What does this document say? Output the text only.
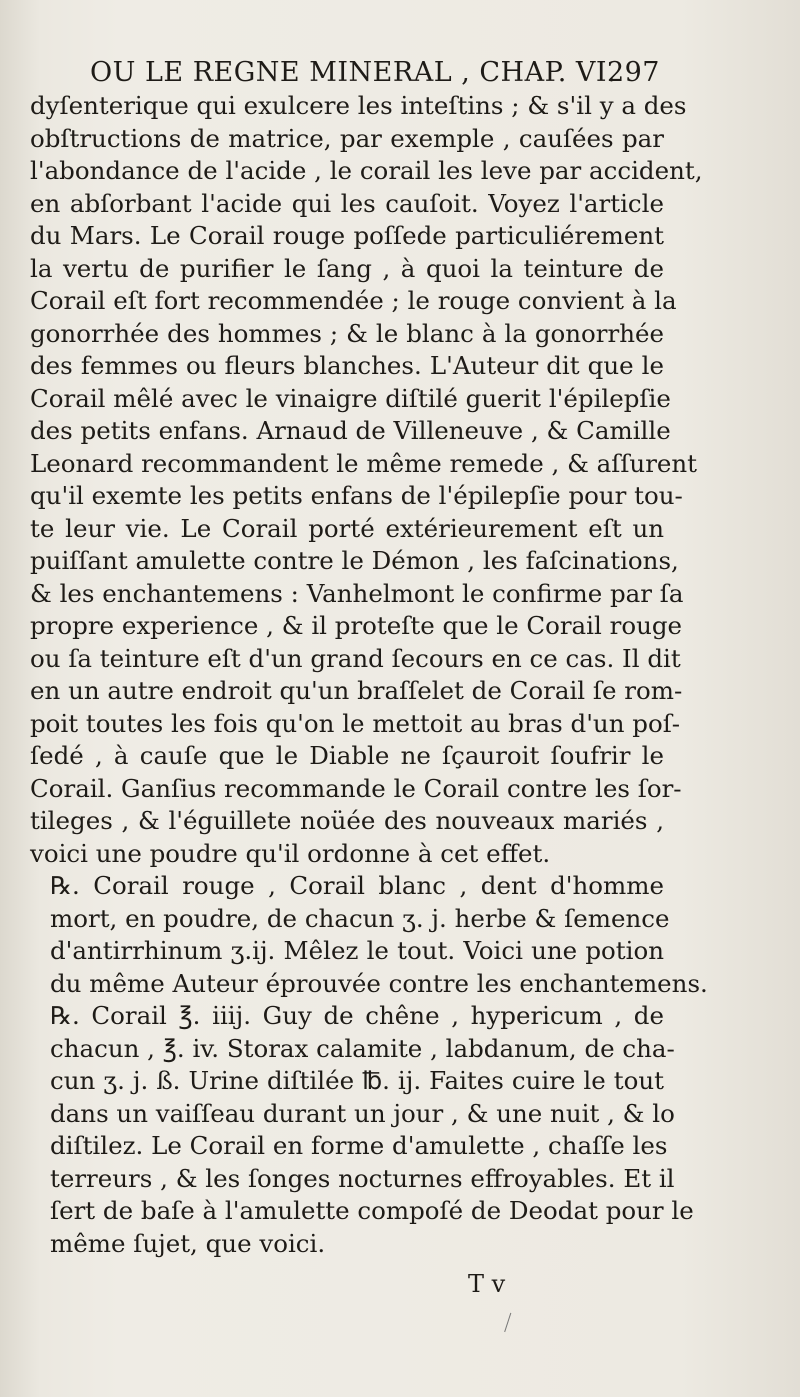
OU LE REGNE MINERAL , CHAP. VI.
297
dyſenterique qui exulcere les inteſtins ; & s'il y a des
obſtructions de matrice, par exemple , cauſées par
l'abondance de l'acide , le corail les leve par accident,
en abſorbant l'acide qui les cauſoit. Voyez l'article
du Mars. Le Corail rouge poſſede particuliérement
la vertu de purifier le ſang , à quoi la teinture de
Corail eſt fort recommendée ; le rouge convient à la
gonorrhée des hommes ; & le blanc à la gonorrhée
des femmes ou fleurs blanches. L'Auteur dit que le
Corail mêlé avec le vinaigre diſtilé guerit l'épilepſie
des petits enfans. Arnaud de Villeneuve , & Camille
Leonard recommandent le même remede , & aſſurent
qu'il exemte les petits enfans de l'épilepſie pour tou-
te leur vie. Le Corail porté extérieurement eſt un
puiſſant amulette contre le Démon , les faſcinations,
& les enchantemens : Vanhelmont le confirme par ſa
propre experience , & il proteſte que le Corail rouge
ou ſa teinture eſt d'un grand ſecours en ce cas. Il dit
en un autre endroit qu'un braſſelet de Corail ſe rom-
poit toutes les fois qu'on le mettoit au bras d'un poſ-
ſedé , à cauſe que le Diable ne ſçauroit ſoufrir le
Corail. Ganſius recommande le Corail contre les ſor-
tileges , & l'éguillete noüée des nouveaux mariés ,
voici une poudre qu'il ordonne à cet effet.
℞. Corail rouge , Corail blanc , dent d'homme
mort, en poudre, de chacun ʒ. j. herbe & ſemence
d'antirrhinum ʒ.ij. Mêlez le tout. Voici une potion
du même Auteur éprouvée contre les enchantemens.
℞. Corail ℥. iiij. Guy de chêne , hypericum , de
chacun , ℥. iv. Storax calamite , labdanum, de cha-
cun ʒ. j. ß. Urine diſtilée ℔. ij. Faites cuire le tout
dans un vaiſſeau durant un jour , & une nuit , & lo
diſtilez. Le Corail en forme d'amulette , chaſſe les
terreurs , & les ſonges nocturnes effroyables. Et il
ſert de baſe à l'amulette compoſé de Deodat pour le
même ſujet, que voici.
T v
